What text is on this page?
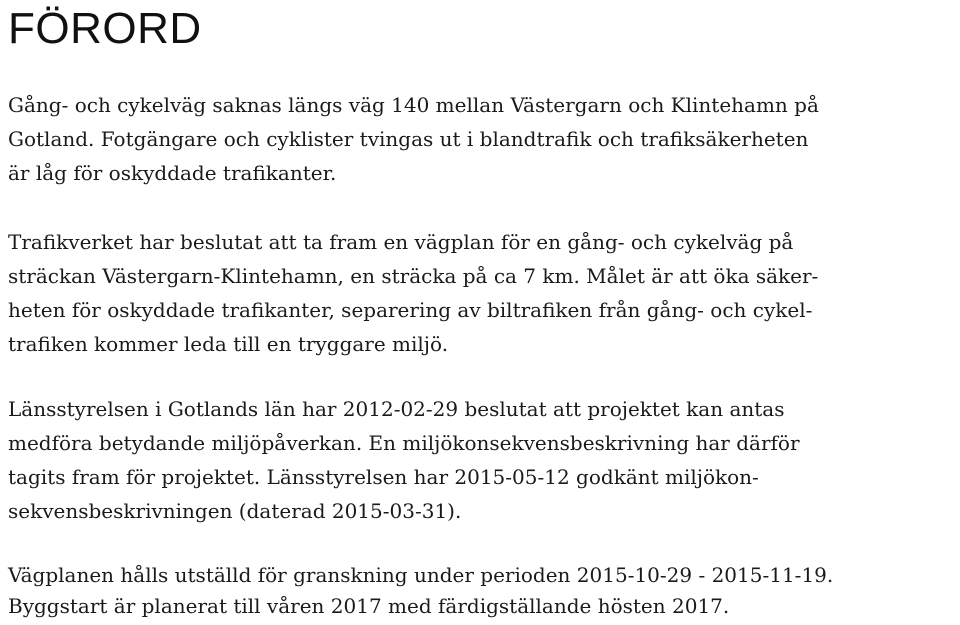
FÖRORD

Gång- och cykelväg saknas längs väg 140 mellan Västergarn och Klintehamn på
Gotland. Fotgängare och cyklister tvingas ut i blandtrafik och trafiksäkerheten
är låg för oskyddade trafikanter.

Trafikverket har beslutat att ta fram en vägplan för en gång- och cykelväg på
sträckan Västergarn-Klintehamn, en sträcka på ca 7 km. Målet är att öka säker-
heten för oskyddade trafikanter, separering av biltrafiken från gång- och cykel-
trafiken kommer leda till en tryggare miljö.

Länsstyrelsen i Gotlands län har 2012-02-29 beslutat att projektet kan antas
medföra betydande miljöpåverkan. En miljökonsekvensbeskrivning har därför
tagits fram för projektet. Länsstyrelsen har 2015-05-12 godkänt miljökon-
sekvensbeskrivningen (daterad 2015-03-31).

Vägplanen hålls utställd för granskning under perioden 2015-10-29 - 2015-11-19.
Byggstart är planerat till våren 2017 med färdigställande hösten 2017.
